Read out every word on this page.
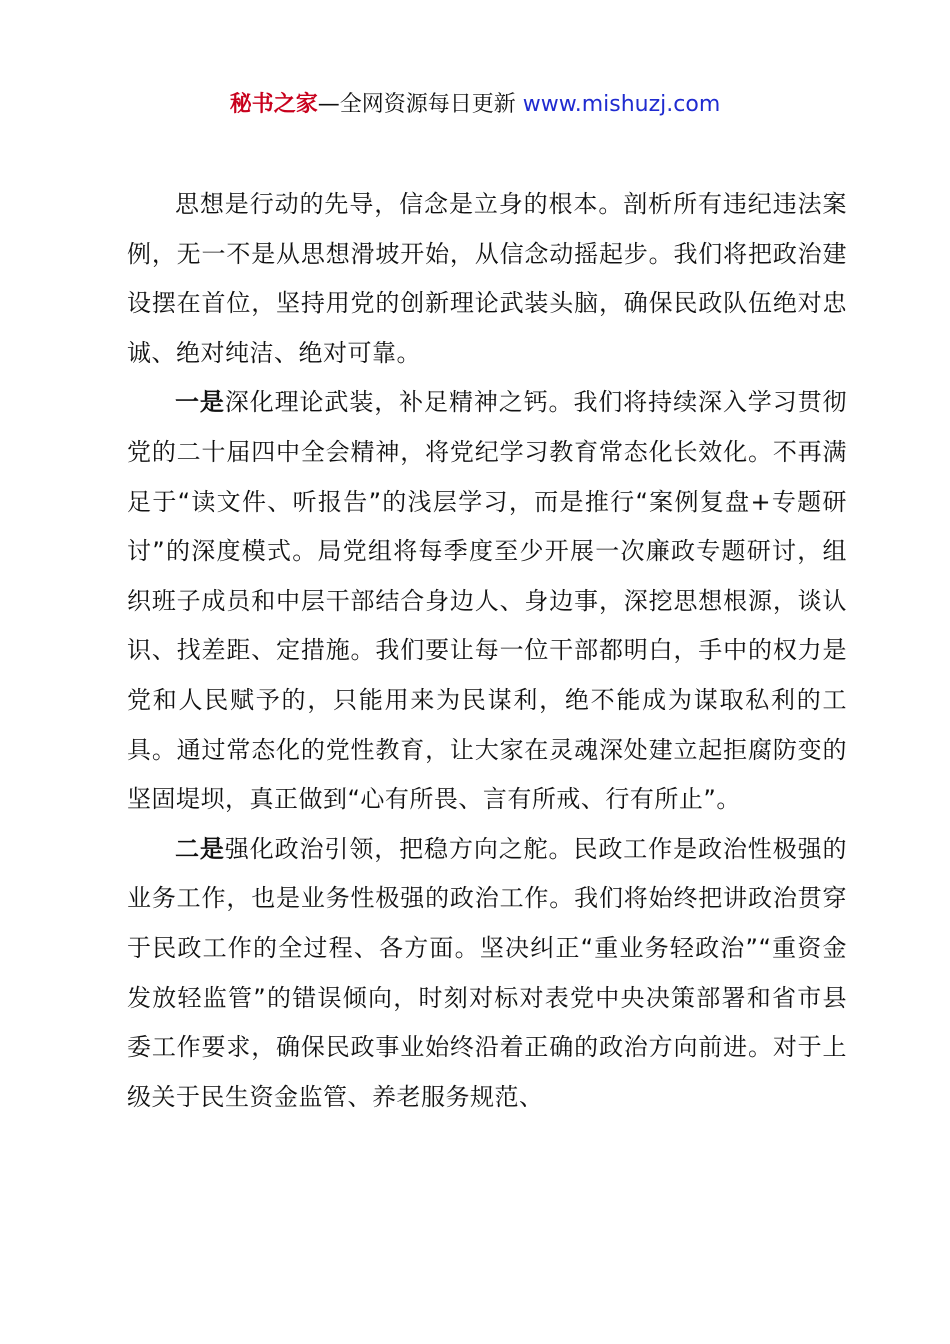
秘书之家—全网资源每日更新 www.mishuzj.com

思想是行动的先导，信念是立身的根本。剖析所有违纪违法案例，无一不是从思想滑坡开始，从信念动摇起步。我们将把政治建设摆在首位，坚持用党的创新理论武装头脑，确保民政队伍绝对忠诚、绝对纯洁、绝对可靠。

一是深化理论武装，补足精神之钙。我们将持续深入学习贯彻党的二十届四中全会精神，将党纪学习教育常态化长效化。不再满足于“读文件、听报告”的浅层学习，而是推行“案例复盘+专题研讨”的深度模式。局党组将每季度至少开展一次廉政专题研讨，组织班子成员和中层干部结合身边人、身边事，深挖思想根源，谈认识、找差距、定措施。我们要让每一位干部都明白，手中的权力是党和人民赋予的，只能用来为民谋利，绝不能成为谋取私利的工具。通过常态化的党性教育，让大家在灵魂深处建立起拒腐防变的坚固堤坝，真正做到“心有所畏、言有所戒、行有所止”。

二是强化政治引领，把稳方向之舵。民政工作是政治性极强的业务工作，也是业务性极强的政治工作。我们将始终把讲政治贯穿于民政工作的全过程、各方面。坚决纠正“重业务轻政治”“重资金发放轻监管”的错误倾向，时刻对标对表党中央决策部署和省市县委工作要求，确保民政事业始终沿着正确的政治方向前进。对于上级关于民生资金监管、养老服务规范、
